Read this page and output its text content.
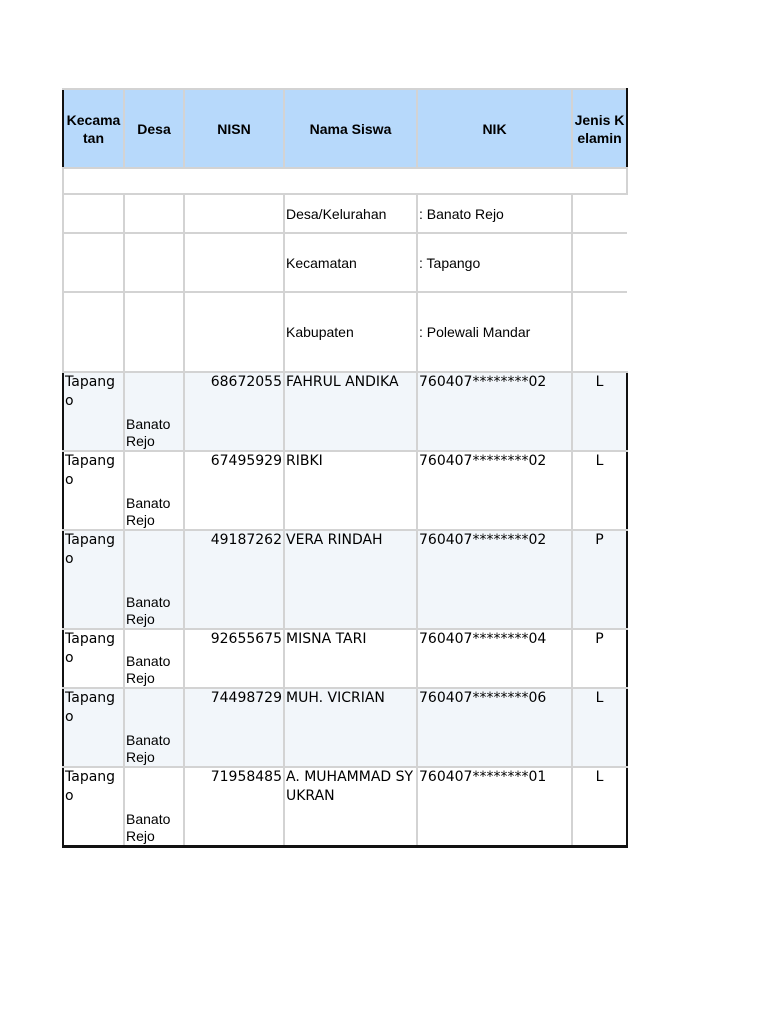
			Desa/Kelurahan	: Banato Rejo	
			Kecamatan	: Tapango	
			Kabupaten	: Polewali Mandar	
Kecamatan	Desa	NISN	Nama Siswa	NIK	Jenis Kelamin
Tapango	Banato Rejo	68672055	FAHRUL ANDIKA	760407********02	L
Tapango	Banato Rejo	67495929	RIBKI	760407********02	L
Tapango	Banato Rejo	49187262	VERA RINDAH	760407********02	P
Tapango	Banato Rejo	92655675	MISNA TARI	760407********04	P
Tapango	Banato Rejo	74498729	MUH. VICRIAN	760407********06	L
Tapango	Banato Rejo	71958485	A. MUHAMMAD SYUKRAN	760407********01	L
